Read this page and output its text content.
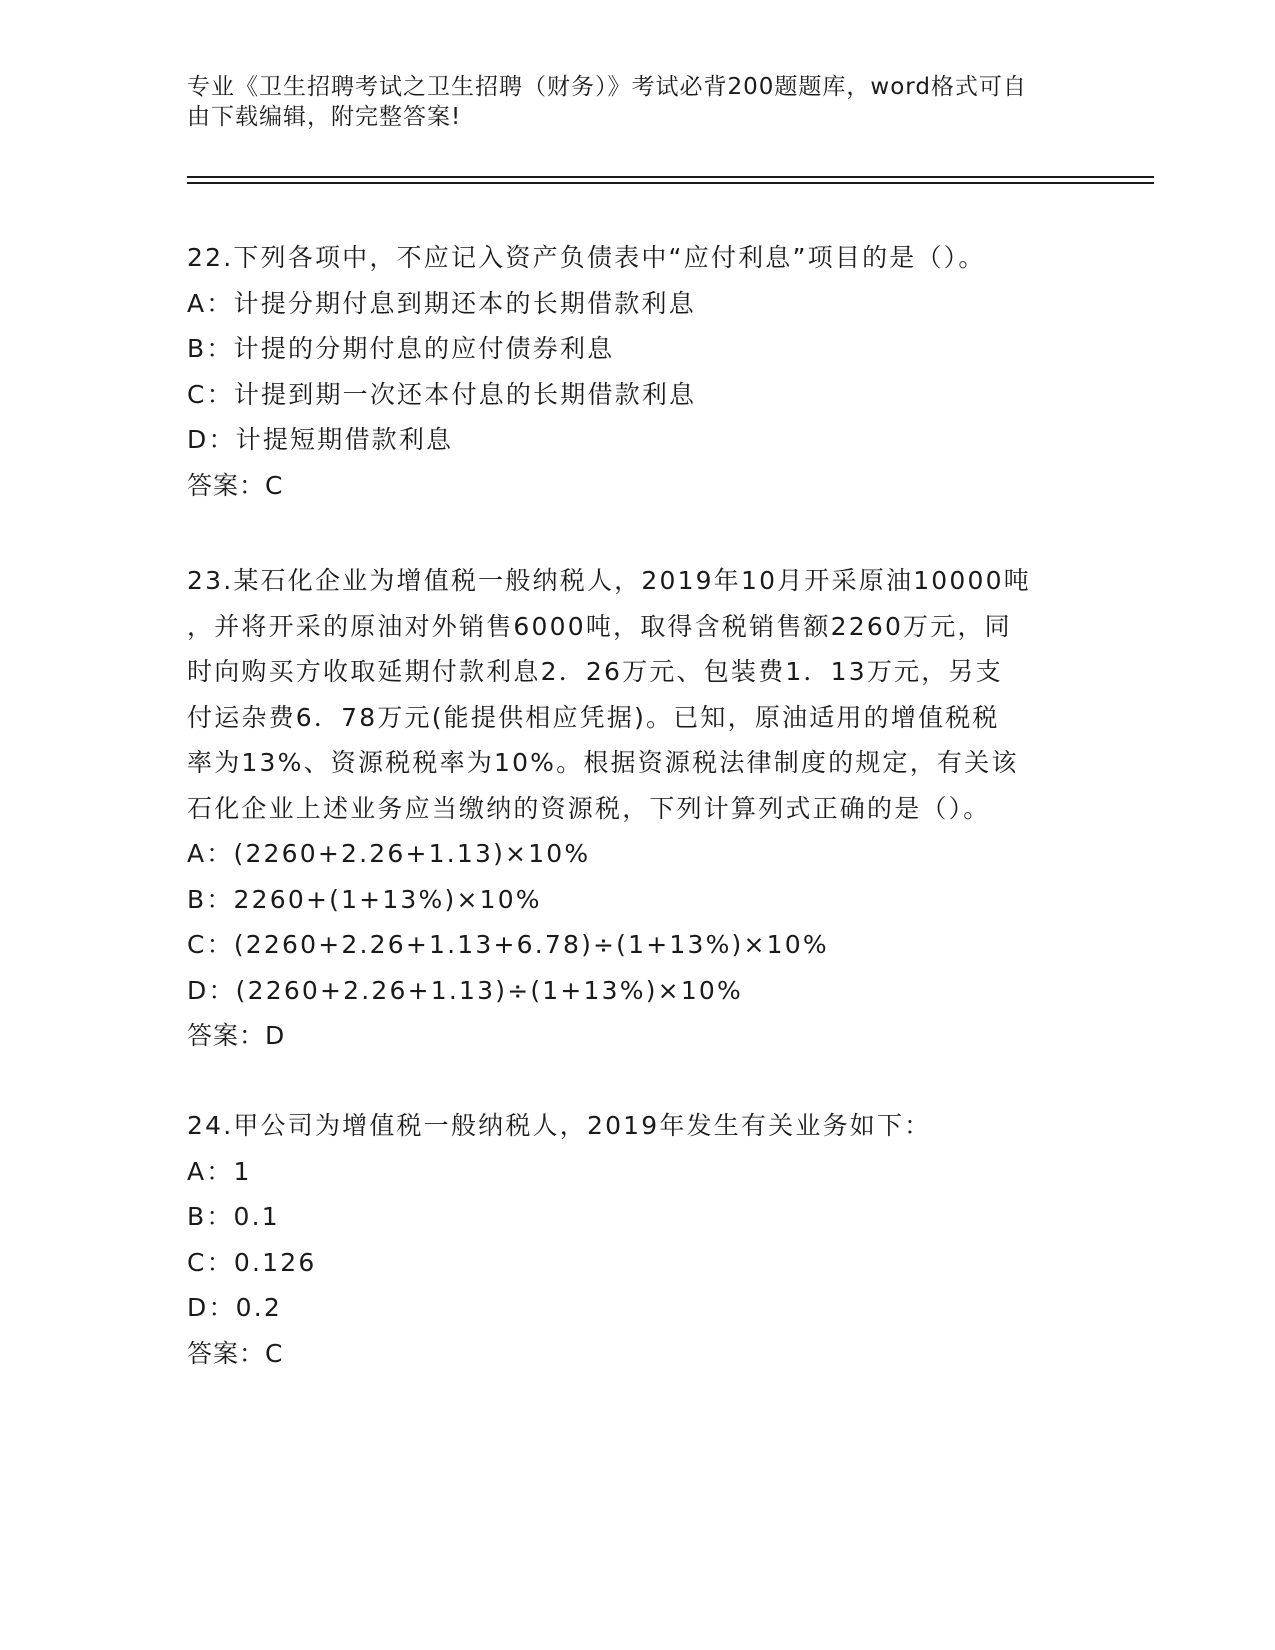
专业《卫生招聘考试之卫生招聘（财务）》考试必背200题题库，word格式可自
由下载编辑，附完整答案!

22.下列各项中，不应记入资产负债表中“应付利息”项目的是（）。

A：计提分期付息到期还本的长期借款利息

B：计提的分期付息的应付债券利息

C：计提到期一次还本付息的长期借款利息

D：计提短期借款利息

答案：C

23.某石化企业为增值税一般纳税人，2019年10月开采原油10000吨

，并将开采的原油对外销售6000吨，取得含税销售额2260万元，同

时向购买方收取延期付款利息2．26万元、包装费1．13万元，另支

付运杂费6．78万元(能提供相应凭据)。已知，原油适用的增值税税

率为13%、资源税税率为10%。根据资源税法律制度的规定，有关该

石化企业上述业务应当缴纳的资源税，下列计算列式正确的是（）。

A：(2260+2.26+1.13)×10%

B：2260+(1+13%)×10%

C：(2260+2.26+1.13+6.78)÷(1+13%)×10%

D：(2260+2.26+1.13)÷(1+13%)×10%

答案：D

24.甲公司为增值税一般纳税人，2019年发生有关业务如下：

A：1

B：0.1

C：0.126

D：0.2

答案：C
